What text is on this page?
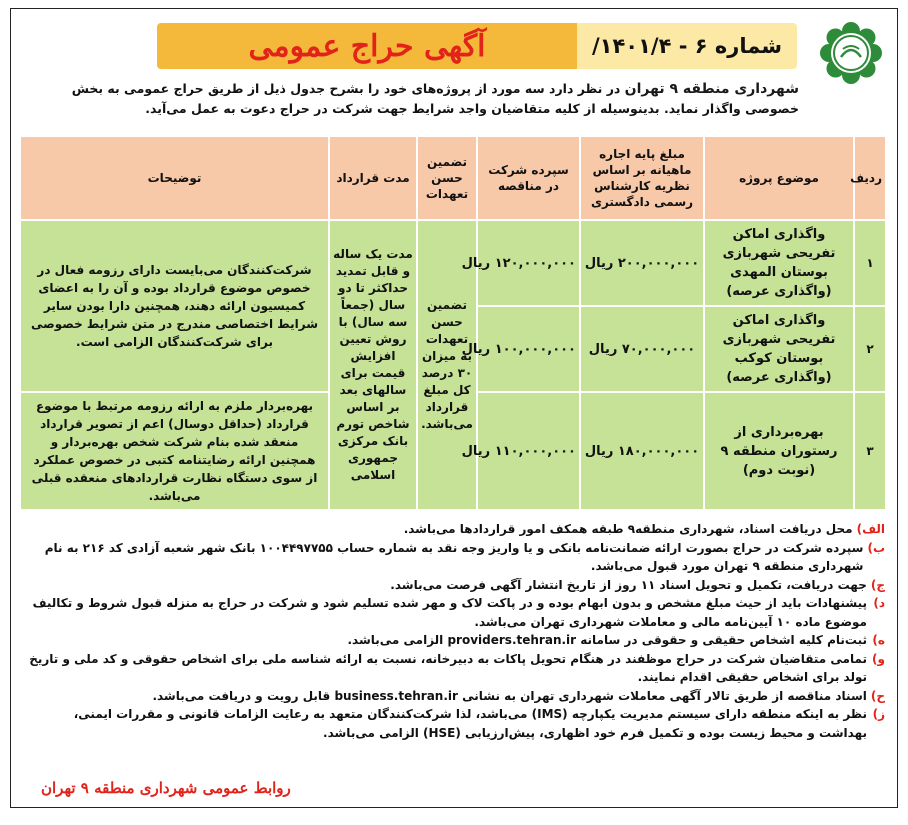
شماره ۶ - ۱۴۰۱/۴/
آگهی حراج عمومی
شهرداری منطقه ۹ تهران در نظر دارد سه مورد از پروژه‌های خود را بشرح جدول ذیل از طریق حراج عمومی به بخش خصوصی واگذار نماید. بدینوسیله از کلیه متقاضیان واجد شرایط جهت شرکت در حراج دعوت به عمل می‌آید.
ردیف	موضوع پروژه	مبلغ پایه اجاره ماهیانه بر اساس نظریه کارشناس رسمی دادگستری	سپرده شرکت در مناقصه	تضمین حسن تعهدات	مدت قرارداد	توضیحات
۱	واگذاری اماکن تفریحی شهربازی بوستان المهدی (واگذاری عرصه)	۲۰۰,۰۰۰,۰۰۰ ریال	۱۲۰,۰۰۰,۰۰۰ ریال	تضمین حسن تعهدات به میزان ۳۰ درصد کل مبلغ قرارداد می‌باشد.	مدت یک ساله و قابل تمدید حداکثر تا دو سال (جمعاً سه سال) با روش تعیین افزایش قیمت برای سالهای بعد بر اساس شاخص تورم بانک مرکزی جمهوری اسلامی	شرکت‌کنندگان می‌بایست دارای رزومه فعال در خصوص موضوع قرارداد بوده و آن را به اعضای کمیسیون ارائه دهند، همچنین دارا بودن سایر شرایط اختصاصی مندرج در متن شرایط خصوصی برای شرکت‌کنندگان الزامی است.
۲	واگذاری اماکن تفریحی شهربازی بوستان کوکب (واگذاری عرصه)	۷۰,۰۰۰,۰۰۰ ریال	۱۰۰,۰۰۰,۰۰۰ ریال			
۳	بهره‌برداری از رستوران منطقه ۹ (نوبت دوم)	۱۸۰,۰۰۰,۰۰۰ ریال	۱۱۰,۰۰۰,۰۰۰ ریال			بهره‌بردار ملزم به ارائه رزومه مرتبط با موضوع قرارداد (حداقل دوسال) اعم از تصویر قرارداد منعقد شده بنام شرکت شخص بهره‌بردار و همچنین ارائه رضایتنامه کتبی در خصوص عملکرد از سوی دستگاه نظارت قراردادهای منعقده قبلی می‌باشد.
الف)
محل دریافت اسناد، شهرداری منطقه۹ طبقه همکف امور قراردادها می‌باشد.
ب)
سپرده شرکت در حراج بصورت ارائه ضمانت‌نامه بانکی و یا واریز وجه نقد به شماره حساب ۱۰۰۴۴۹۷۷۵۵ بانک شهر شعبه آزادی کد ۲۱۶ به نام شهرداری منطقه ۹ تهران مورد قبول می‌باشد.
ج)
جهت دریافت، تکمیل و تحویل اسناد ۱۱ روز از تاریخ انتشار آگهی فرصت می‌باشد.
د)
پیشنهادات باید از حیث مبلغ مشخص و بدون ابهام بوده و در پاکت لاک و مهر شده تسلیم شود و شرکت در حراج به منزله قبول شروط و تکالیف موضوع ماده ۱۰ آیین‌نامه مالی و معاملات شهرداری تهران می‌باشد.
ه)
ثبت‌نام کلیه اشخاص حقیقی و حقوقی در سامانه providers.tehran.ir الزامی می‌باشد.
و)
تمامی متقاضیان شرکت در حراج موظفند در هنگام تحویل پاکات به دبیرخانه، نسبت به ارائه شناسه ملی برای اشخاص حقوقی و کد ملی و تاریخ تولد برای اشخاص حقیقی اقدام نمایند.
ح)
اسناد مناقصه از طریق تالار آگهی معاملات شهرداری تهران به نشانی business.tehran.ir قابل رویت و دریافت می‌باشد.
ز)
نظر به اینکه منطقه دارای سیستم مدیریت یکپارچه (IMS) می‌باشد، لذا شرکت‌کنندگان متعهد به رعایت الزامات قانونی و مقررات ایمنی، بهداشت و محیط زیست بوده و تکمیل فرم خود اظهاری، پیش‌ارزیابی (HSE) الزامی می‌باشد.
روابط عمومی شهرداری منطقه ۹ تهران
